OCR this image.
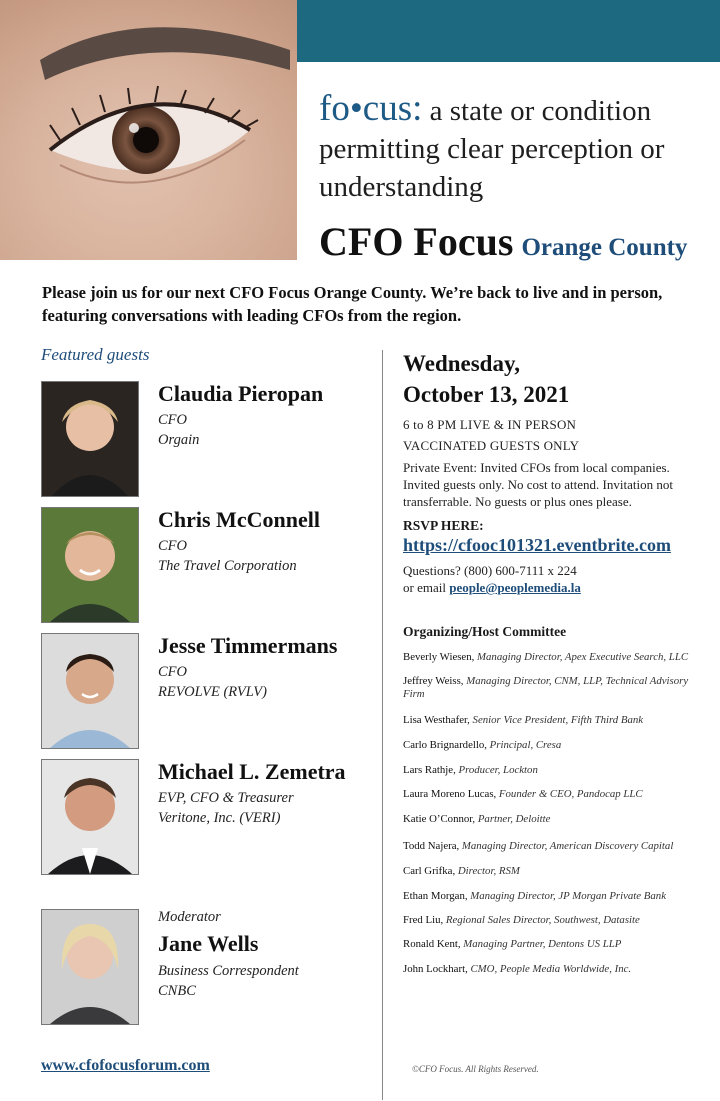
fo•cus: a state or condition permitting clear perception or understanding
CFO Focus Orange County
Please join us for our next CFO Focus Orange County. We’re back to live and in person, featuring conversations with leading CFOs from the region.
Featured guests
Claudia Pieropan
CFO
Orgain
Chris McConnell
CFO
The Travel Corporation
Jesse Timmermans
CFO
REVOLVE (RVLV)
Michael L. Zemetra
EVP, CFO & Treasurer
Veritone, Inc. (VERI)
Moderator
Jane Wells
Business Correspondent
CNBC
Wednesday,
October 13, 2021
6 to 8 PM LIVE & IN PERSON
VACCINATED GUESTS ONLY
Private Event: Invited CFOs from local companies. Invited guests only. No cost to attend. Invitation not transferrable. No guests or plus ones please.
RSVP HERE:
https://cfooc101321.eventbrite.com
Questions? (800) 600-7111 x 224
or email people@peoplemedia.la
Organizing/Host Committee
Beverly Wiesen, Managing Director, Apex Executive Search, LLC
Jeffrey Weiss, Managing Director, CNM, LLP, Technical Advisory Firm
Lisa Westhafer, Senior Vice President, Fifth Third Bank
Carlo Brignardello, Principal, Cresa
Lars Rathje, Producer, Lockton
Laura Moreno Lucas, Founder & CEO, Pandocap LLC
Katie O’Connor, Partner, Deloitte
Todd Najera, Managing Director, American Discovery Capital
Carl Grifka, Director, RSM
Ethan Morgan, Managing Director, JP Morgan Private Bank
Fred Liu, Regional Sales Director, Southwest, Datasite
Ronald Kent, Managing Partner, Dentons US LLP
John Lockhart, CMO, People Media Worldwide, Inc.
www.cfofocusforum.com	©CFO Focus. All Rights Reserved.
